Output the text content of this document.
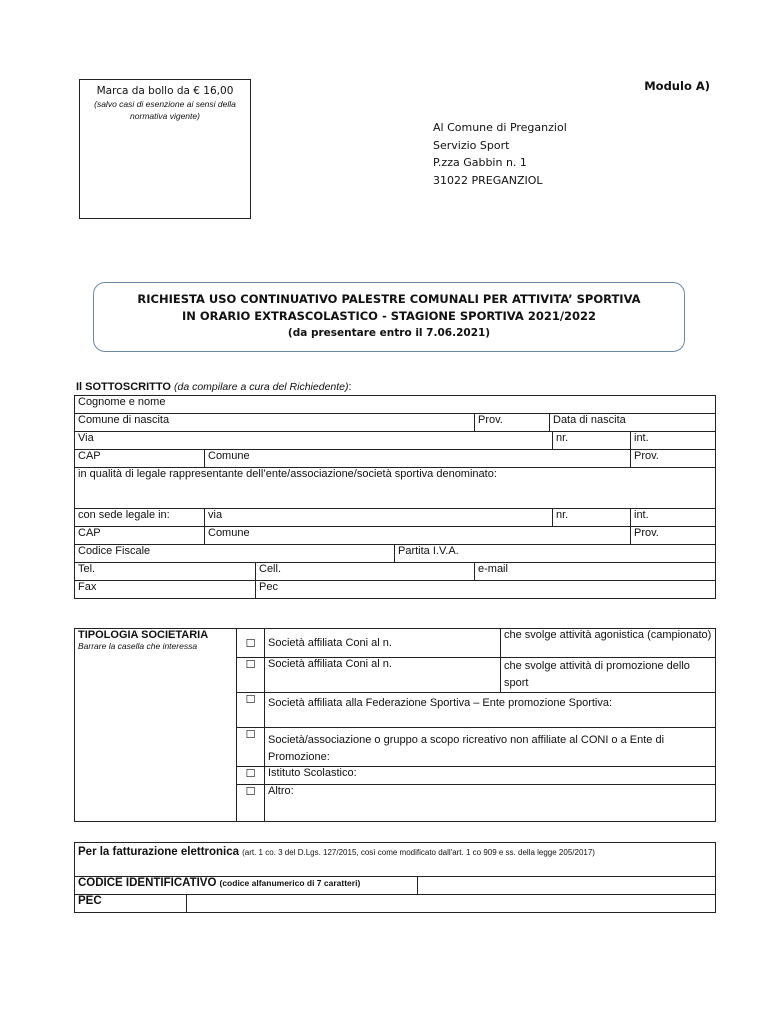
Marca da bollo da € 16,00
(salvo casi di esenzione ai sensi della normativa vigente)
Modulo A)
Al Comune di Preganziol
Servizio Sport
P.zza Gabbin n. 1
31022 PREGANZIOL
RICHIESTA USO CONTINUATIVO PALESTRE COMUNALI PER ATTIVITA’ SPORTIVA
IN ORARIO EXTRASCOLASTICO - STAGIONE SPORTIVA 2021/2022
(da presentare entro il 7.06.2021)
Il SOTTOSCRITTO (da compilare a cura del Richiedente):
Cognome e nome							
Comune di nascita				Prov.	Data di nascita		
Via						nr.	int.
CAP	Comune						Prov.
in qualità di legale rappresentante dell’ente/associazione/società sportiva denominato:							
con sede legale in:	via					nr.	int.
CAP	Comune						Prov.
Codice Fiscale			Partita I.V.A.				
Tel.		Cell.		e-mail			
Fax		Pec					
TIPOLOGIA SOCIETARIA
Barrare la casella che interessa	☐	Società affiliata Coni al n.	che svolge attività agonistica (campionato)
	☐	Società affiliata Coni al n.	che svolge attività di promozione dello sport
	☐	Società affiliata alla Federazione Sportiva – Ente promozione Sportiva:	
	☐	Società/associazione o gruppo a scopo ricreativo non affiliate al CONI o a Ente di Promozione:	
	☐	Istituto Scolastico:	
	☐	Altro:	
Per la fatturazione elettronica (art. 1 co. 3 del D.Lgs. 127/2015, così come modificato dall'art. 1 co 909 e ss. della legge 205/2017)		
CODICE IDENTIFICATIVO (codice alfanumerico di 7 caratteri)		
PEC		
